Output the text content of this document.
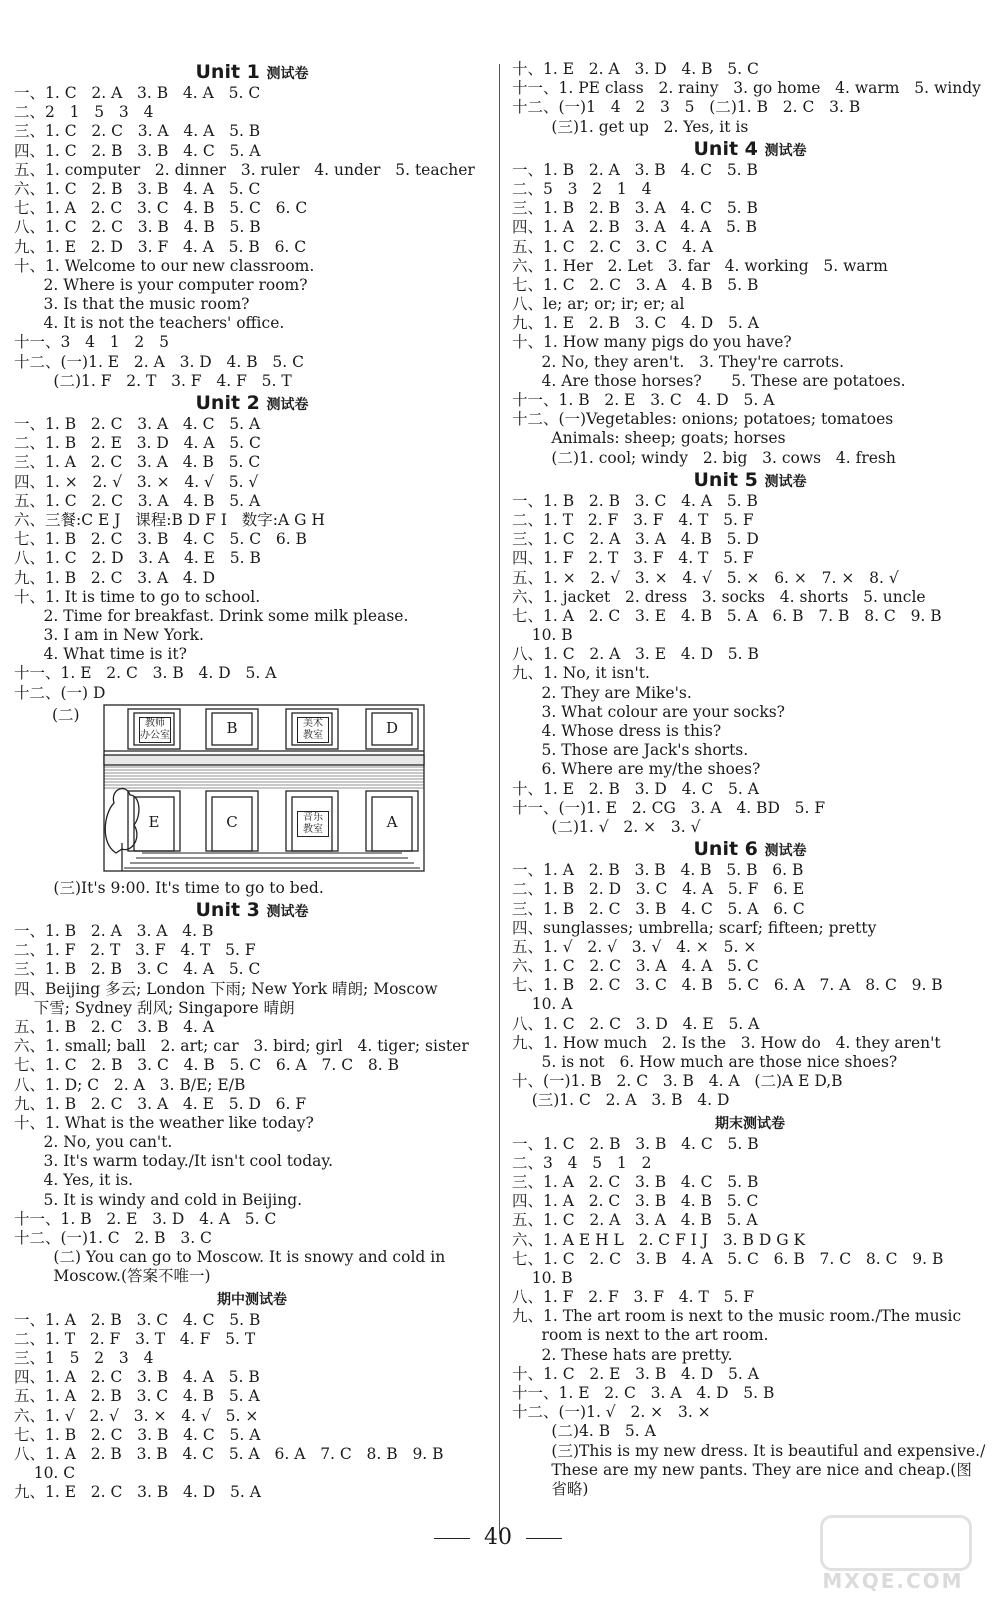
Unit 1 测试卷
一、1. C   2. A   3. B   4. A   5. C
二、2   1   5   3   4
三、1. C   2. C   3. A   4. A   5. B
四、1. C   2. B   3. B   4. C   5. A
五、1. computer   2. dinner   3. ruler   4. under   5. teacher
六、1. C   2. B   3. B   4. A   5. C
七、1. A   2. C   3. C   4. B   5. C   6. C
八、1. C   2. C   3. B   4. B   5. B
九、1. E   2. D   3. F   4. A   5. B   6. C
十、1. Welcome to our new classroom.
2. Where is your computer room?
3. Is that the music room?
4. It is not the teachers' office.
十一、3   4   1   2   5
十二、(一)1. E   2. A   3. D   4. B   5. C
(二)1. F   2. T   3. F   4. F   5. T
Unit 2 测试卷
一、1. B   2. C   3. A   4. C   5. A
二、1. B   2. E   3. D   4. A   5. C
三、1. A   2. C   3. A   4. B   5. C
四、1. ×   2. √   3. ×   4. √   5. √
五、1. C   2. C   3. A   4. B   5. A
六、三餐:C E J   课程:B D F I   数字:A G H
七、1. B   2. C   3. B   4. C   5. C   6. B
八、1. C   2. D   3. A   4. E   5. B
九、1. B   2. C   3. A   4. D
十、1. It is time to go to school.
2. Time for breakfast. Drink some milk please.
3. I am in New York.
4. What time is it?
十一、1. E   2. C   3. B   4. D   5. A
十二、(一) D
(二)	教师
办公室	B	美术
教室	D
E	C	音乐
教室	A
(三)It's 9:00. It's time to go to bed.
Unit 3 测试卷
一、1. B   2. A   3. A   4. B
二、1. F   2. T   3. F   4. T   5. F
三、1. B   2. B   3. C   4. A   5. C
四、Beijing 多云; London 下雨; New York 晴朗; Moscow
下雪; Sydney 刮风; Singapore 晴朗
五、1. B   2. C   3. B   4. A
六、1. small; ball   2. art; car   3. bird; girl   4. tiger; sister
七、1. C   2. B   3. C   4. B   5. C   6. A   7. C   8. B
八、1. D; C   2. A   3. B/E; E/B
九、1. B   2. C   3. A   4. E   5. D   6. F
十、1. What is the weather like today?
2. No, you can't.
3. It's warm today./It isn't cool today.
4. Yes, it is.
5. It is windy and cold in Beijing.
十一、1. B   2. E   3. D   4. A   5. C
十二、(一)1. C   2. B   3. C
(二) You can go to Moscow. It is snowy and cold in
Moscow.(答案不唯一)
期中测试卷
一、1. A   2. B   3. C   4. C   5. B
二、1. T   2. F   3. T   4. F   5. T
三、1   5   2   3   4
四、1. A   2. C   3. B   4. A   5. B
五、1. A   2. B   3. C   4. B   5. A
六、1. √   2. √   3. ×   4. √   5. ×
七、1. B   2. C   3. B   4. C   5. A
八、1. A   2. B   3. B   4. C   5. A   6. A   7. C   8. B   9. B
10. C
九、1. E   2. C   3. B   4. D   5. A
十、1. E   2. A   3. D   4. B   5. C
十一、1. PE class   2. rainy   3. go home   4. warm   5. windy
十二、(一)1   4   2   3   5   (二)1. B   2. C   3. B
(三)1. get up   2. Yes, it is
Unit 4 测试卷
一、1. B   2. A   3. B   4. C   5. B
二、5   3   2   1   4
三、1. B   2. B   3. A   4. C   5. B
四、1. A   2. B   3. A   4. A   5. B
五、1. C   2. C   3. C   4. A
六、1. Her   2. Let   3. far   4. working   5. warm
七、1. C   2. C   3. A   4. B   5. B
八、le; ar; or; ir; er; al
九、1. E   2. B   3. C   4. D   5. A
十、1. How many pigs do you have?
2. No, they aren't.   3. They're carrots.
4. Are those horses?      5. These are potatoes.
十一、1. B   2. E   3. C   4. D   5. A
十二、(一)Vegetables: onions; potatoes; tomatoes
Animals: sheep; goats; horses
(二)1. cool; windy   2. big   3. cows   4. fresh
Unit 5 测试卷
一、1. B   2. B   3. C   4. A   5. B
二、1. T   2. F   3. F   4. T   5. F
三、1. C   2. A   3. A   4. B   5. D
四、1. F   2. T   3. F   4. T   5. F
五、1. ×   2. √   3. ×   4. √   5. ×   6. ×   7. ×   8. √
六、1. jacket   2. dress   3. socks   4. shorts   5. uncle
七、1. A   2. C   3. E   4. B   5. A   6. B   7. B   8. C   9. B
10. B
八、1. C   2. A   3. E   4. D   5. B
九、1. No, it isn't.
2. They are Mike's.
3. What colour are your socks?
4. Whose dress is this?
5. Those are Jack's shorts.
6. Where are my/the shoes?
十、1. E   2. B   3. D   4. C   5. A
十一、(一)1. E   2. CG   3. A   4. BD   5. F
(二)1. √   2. ×   3. √
Unit 6 测试卷
一、1. A   2. B   3. B   4. B   5. B   6. B
二、1. B   2. D   3. C   4. A   5. F   6. E
三、1. B   2. C   3. B   4. C   5. A   6. C
四、sunglasses; umbrella; scarf; fifteen; pretty
五、1. √   2. √   3. √   4. ×   5. ×
六、1. C   2. C   3. A   4. A   5. C
七、1. B   2. C   3. C   4. B   5. C   6. A   7. A   8. C   9. B
10. A
八、1. C   2. C   3. D   4. E   5. A
九、1. How much   2. Is the   3. How do   4. they aren't
5. is not   6. How much are those nice shoes?
十、(一)1. B   2. C   3. B   4. A   (二)A E D,B
(三)1. C   2. A   3. B   4. D
期末测试卷
一、1. C   2. B   3. B   4. C   5. B
二、3   4   5   1   2
三、1. A   2. C   3. B   4. C   5. B
四、1. A   2. C   3. B   4. B   5. C
五、1. C   2. A   3. A   4. B   5. A
六、1. A E H L   2. C F I J   3. B D G K
七、1. C   2. C   3. B   4. A   5. C   6. B   7. C   8. C   9. B
10. B
八、1. F   2. F   3. F   4. T   5. F
九、1. The art room is next to the music room./The music
room is next to the art room.
2. These hats are pretty.
十、1. C   2. E   3. B   4. D   5. A
十一、1. E   2. C   3. A   4. D   5. B
十二、(一)1. √   2. ×   3. ×
(二)4. B   5. A
(三)This is my new dress. It is beautiful and expensive./
These are my new pants. They are nice and cheap.(图
省略)
40
MXQE.COM
